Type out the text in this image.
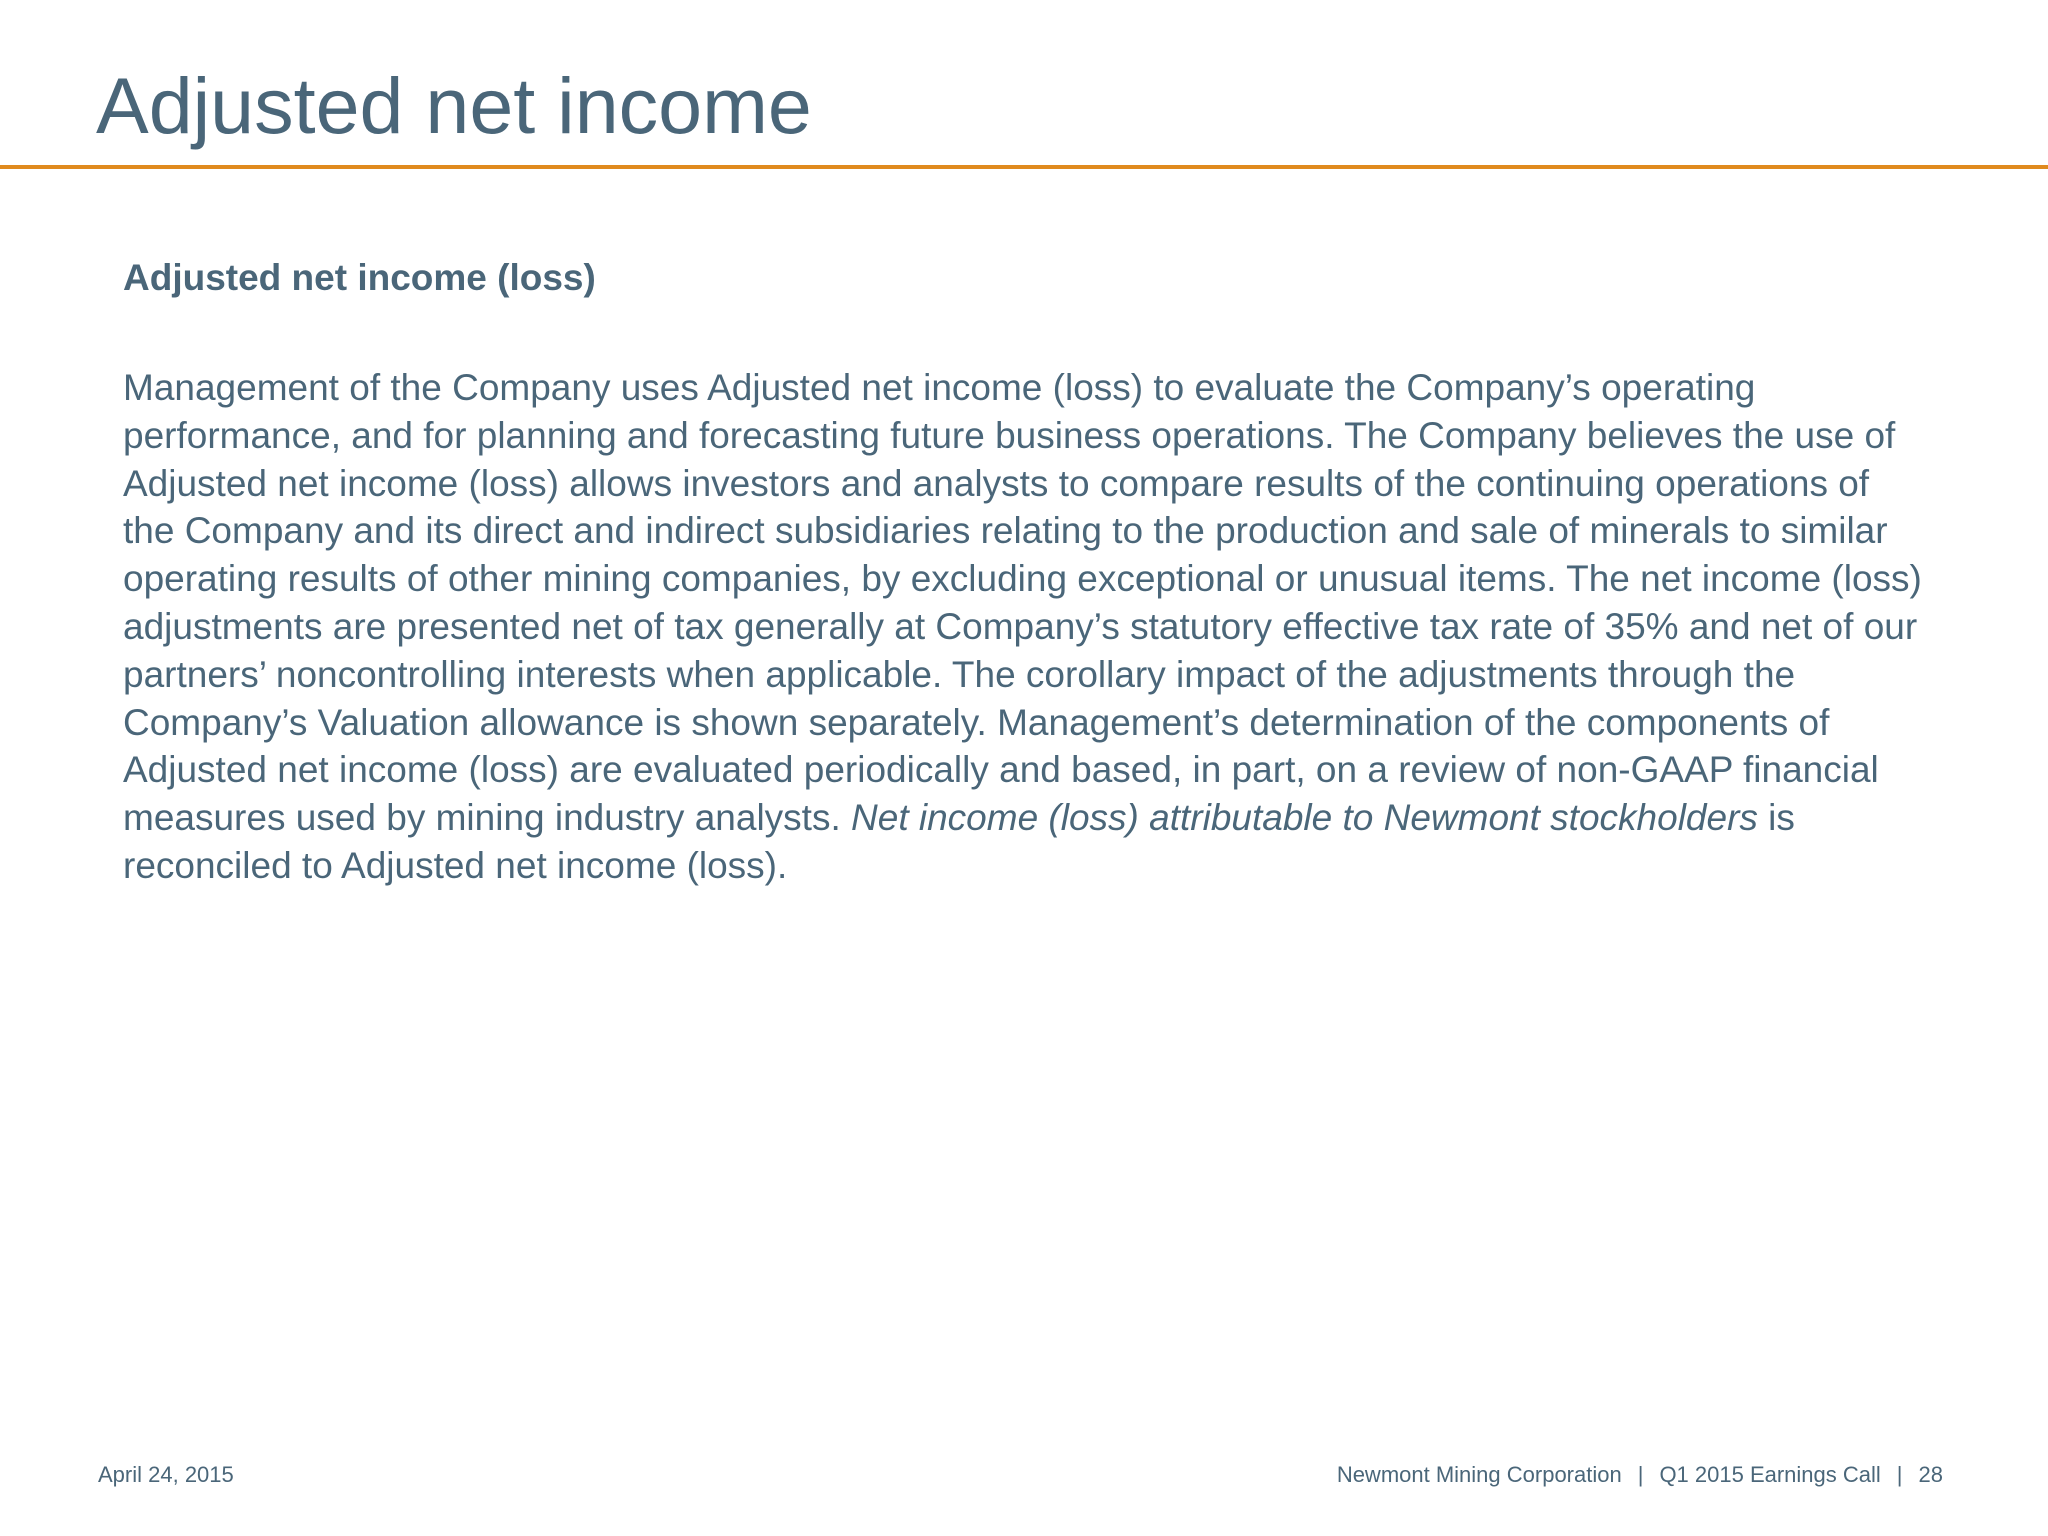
Adjusted net income
Adjusted net income (loss)

Management of the Company uses Adjusted net income (loss) to evaluate the Company’s operating performance, and for planning and forecasting future business operations. The Company believes the use of Adjusted net income (loss) allows investors and analysts to compare results of the continuing operations of the Company and its direct and indirect subsidiaries relating to the production and sale of minerals to similar operating results of other mining companies, by excluding exceptional or unusual items. The net income (loss) adjustments are presented net of tax generally at Company’s statutory effective tax rate of 35% and net of our partners’ noncontrolling interests when applicable. The corollary impact of the adjustments through the Company’s Valuation allowance is shown separately. Management’s determination of the components of Adjusted net income (loss) are evaluated periodically and based, in part, on a review of non-GAAP financial measures used by mining industry analysts. Net income (loss) attributable to Newmont stockholders is reconciled to Adjusted net income (loss).

April 24, 2015	Newmont Mining Corporation | Q1 2015 Earnings Call | 28
